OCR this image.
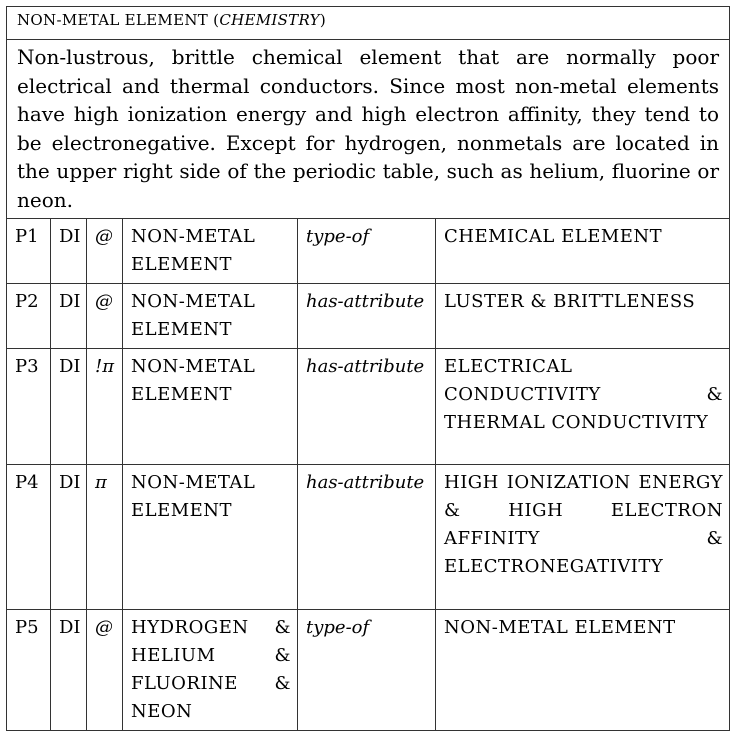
NON-METAL ELEMENT (CHEMISTRY)					
Non-lustrous, brittle chemical element that are normally poor electrical and thermal conductors. Since most non-metal elements have high ionization energy and high electron affinity, they tend to be electronegative. Except for hydrogen, nonmetals are located in the upper right side of the periodic table, such as helium, fluorine or neon.					
P1	DI	@	NON-METAL ELEMENT	type-of	CHEMICAL ELEMENT
P2	DI	@	NON-METAL ELEMENT	has-attribute	LUSTER & BRITTLENESS
P3	DI	!π	NON-METAL ELEMENT	has-attribute	ELECTRICAL CONDUCTIVITY & THERMAL CONDUCTIVITY
P4	DI	π	NON-METAL ELEMENT	has-attribute	HIGH IONIZATION ENERGY & HIGH ELECTRON AFFINITY & ELECTRONEGATIVITY
P5	DI	@	HYDROGEN & HELIUM & FLUORINE & NEON	type-of	NON-METAL ELEMENT
